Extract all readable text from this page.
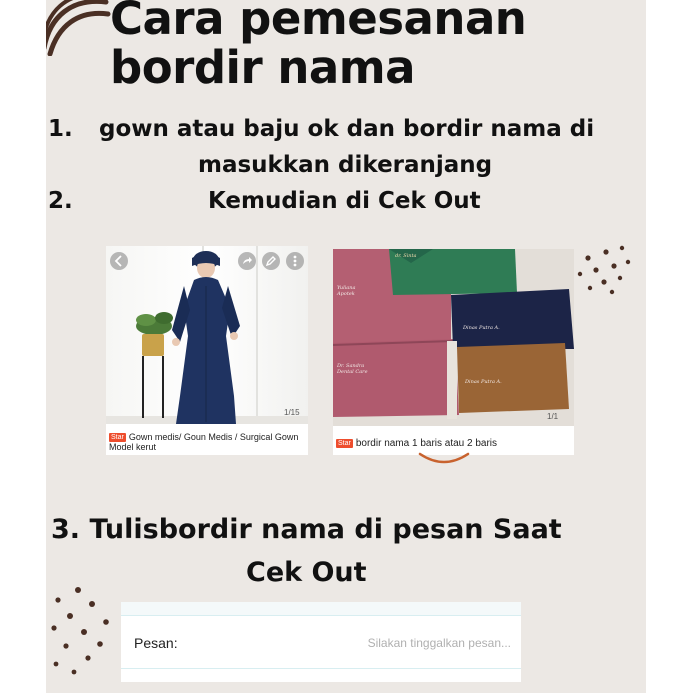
Cara pemesanan
bordir nama

1. gown atau baju ok dan bordir nama di

masukkan dikeranjang

2.	Kemudian di Cek Out

1/15
Star Gown medis/ Goun Medis / Surgical Gown Model kerut
Yuliana
Apotek
Dr. Sandra
Dental Care
Dinas Putra A.
Dinas Putra A.
dr. Sinta
1/1
Star bordir nama 1 baris atau 2 baris

3. Tulisbordir nama di pesan Saat

Cek Out

Pesan:
Silakan tinggalkan pesan...
